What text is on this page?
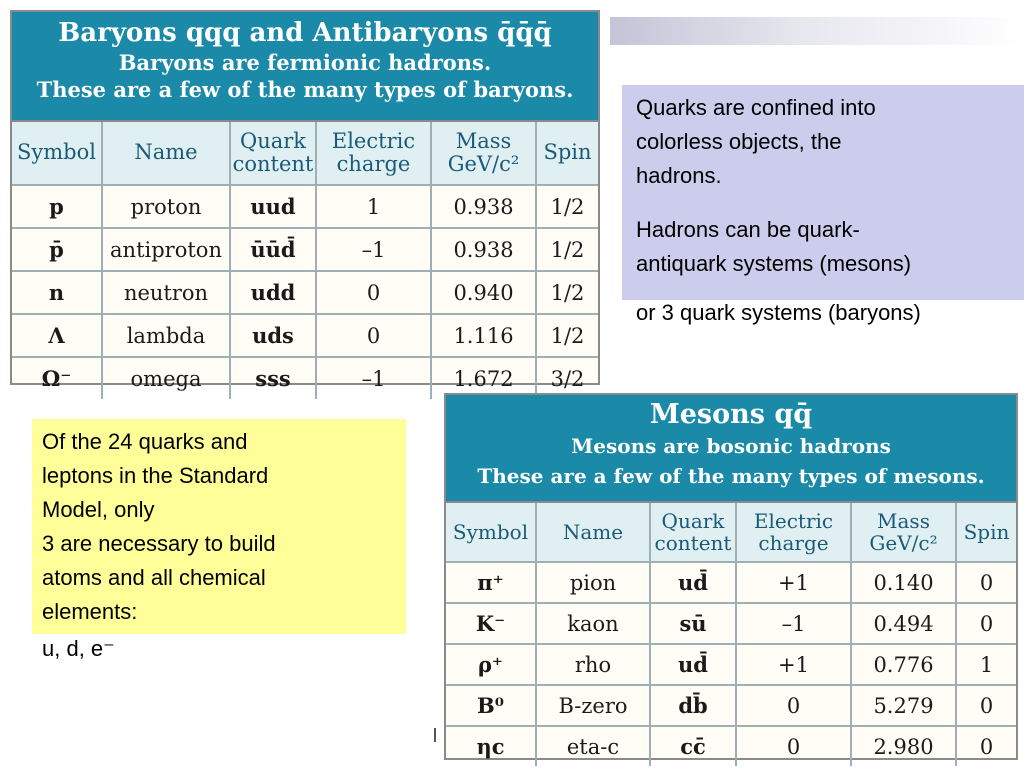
Baryons qqq and Antibaryons q̄q̄q̄
Baryons are fermionic hadrons.
These are a few of the many types of baryons.
Symbol	Name	Quark content	Electric charge	Mass GeV/c²	Spin
p	proton	uud	1	0.938	1/2
p̄	antiproton	ūūd̄	–1	0.938	1/2
n	neutron	udd	0	0.940	1/2
Λ	lambda	uds	0	1.116	1/2
Ω⁻	omega	sss	–1	1.672	3/2
Quarks are confined into
colorless objects, the
hadrons.
Hadrons can be quark-
antiquark systems (mesons)
or 3 quark systems (baryons)
Of the 24 quarks and
leptons in the Standard
Model, only
3 are necessary to build
atoms and all chemical
elements:
u, d, e⁻
Mesons qq̄
Mesons are bosonic hadrons
These are a few of the many types of mesons.
Symbol	Name	Quark content	Electric charge	Mass GeV/c²	Spin
π⁺	pion	ud̄	+1	0.140	0
K⁻	kaon	sū	–1	0.494	0
ρ⁺	rho	ud̄	+1	0.776	1
B⁰	B-zero	db̄	0	5.279	0
ηc	eta-c	cc̄	0	2.980	0
